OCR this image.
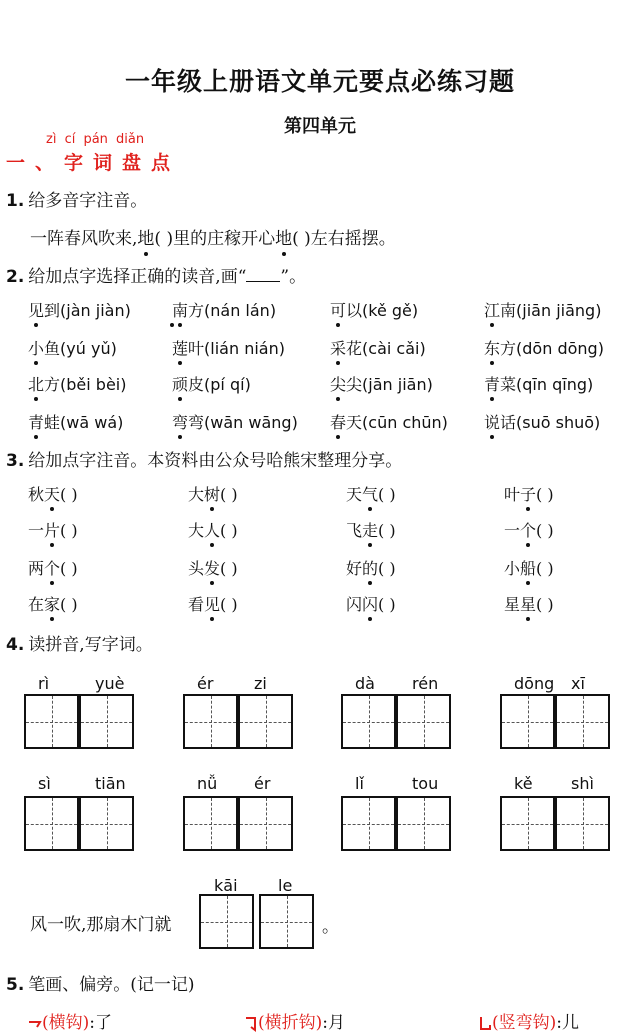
一年级上册语文单元要点必练习题
第四单元
zì cí pán diǎn
一、字词盘点
1. 给多音字注音。
一阵春风吹来,地( )里的庄稼开心地( )左右摇摆。
2. 给加点字选择正确的读音,画“ ”。
见到(jàn jiàn)	南方(nán lán)	可以(kě gě)	江南(jiān jiāng)
小鱼(yú yǔ)	莲叶(lián nián)	采花(cài cǎi)	东方(dōn dōng)
北方(běi bèi)	顽皮(pí qí)	尖尖(jān jiān)	青菜(qīn qīng)
青蛙(wā wá)	弯弯(wān wāng) 春天(cūn chūn) 说话(suō shuō)
3. 给加点字注音。本资料由公众号哈熊宋整理分享。
秋天( )	大树( )	天气( )	叶子( )
一片( )	大人( )	飞走( )	一个( )
两个( )	头发( )	好的( )	小船( )
在家( )	看见( )	闪闪( )	星星( )
4. 读拼音,写字词。
rì	yuè	ér	zi	dà rén	dōng xī
sì	tiān	nǚ ér	lǐ	tou	kě shì
kāi	le
风一吹,那扇木门就	。
5. 笔画、偏旁。(记一记)
(横钩):了	(横折钩):月	(竖弯钩):儿
